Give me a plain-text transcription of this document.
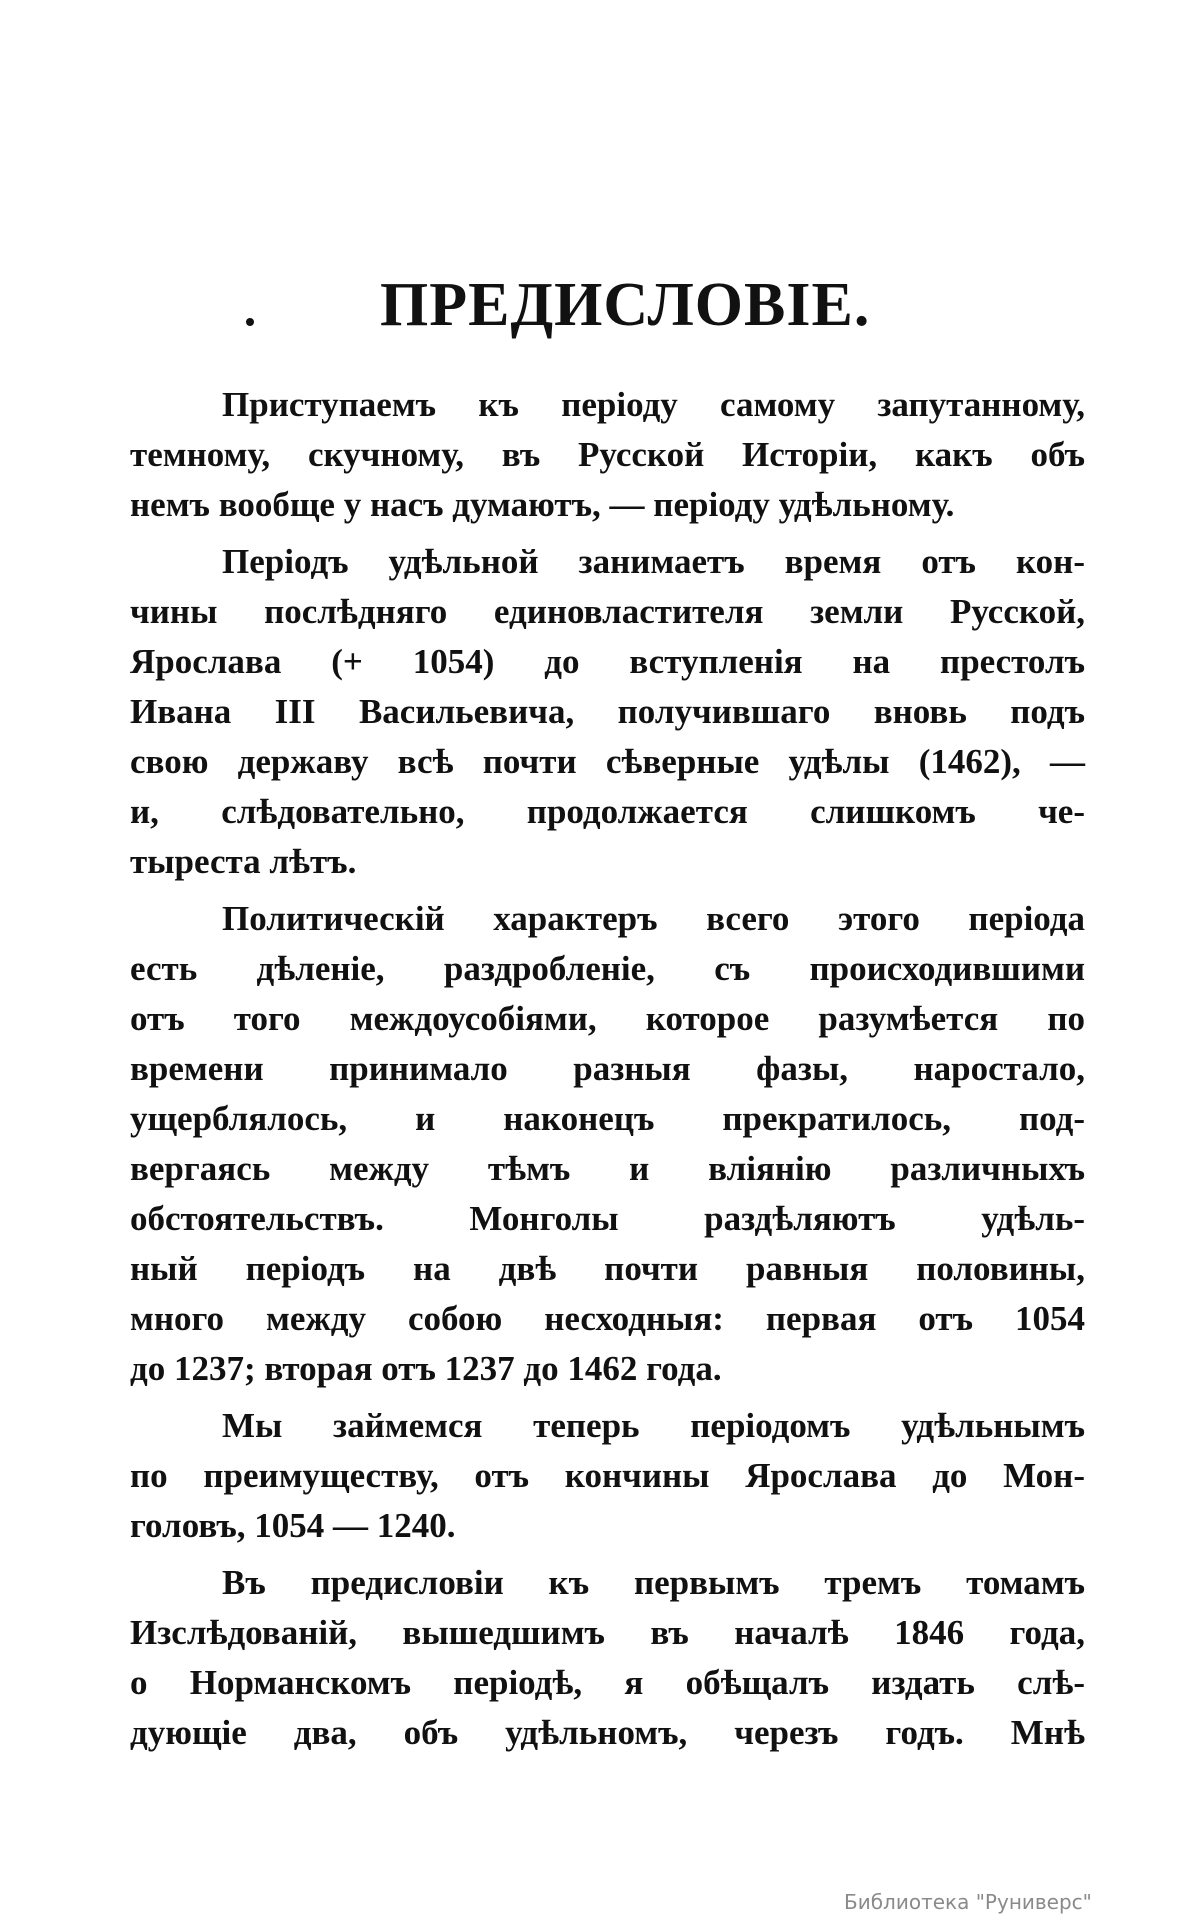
ПРЕДИСЛОВІЕ.

Приступаемъ къ періоду самому запутанному,
темному, скучному, въ Русской Исторіи, какъ объ
немъ вообще у насъ думаютъ, — періоду удѣльному.

Періодъ удѣльной занимаетъ время отъ кон-
чины послѣдняго единовластителя земли Русской,
Ярослава (+ 1054) до вступленія на престолъ
Ивана III Васильевича, получившаго вновь подъ
свою державу всѣ почти сѣверные удѣлы (1462), —
и, слѣдовательно, продолжается слишкомъ че-
тыреста лѣтъ.

Политическій характеръ всего этого періода
есть дѣленіе, раздробленіе, съ происходившими
отъ того междоусобіями, которое разумѣется по
времени принимало разныя фазы, наростало,
ущерблялось, и наконецъ прекратилось, под-
вергаясь между тѣмъ и вліянію различныхъ
обстоятельствъ. Монголы раздѣляютъ удѣль-
ный періодъ на двѣ почти равныя половины,
много между собою несходныя: первая отъ 1054
до 1237; вторая отъ 1237 до 1462 года.

Мы займемся теперь періодомъ удѣльнымъ
по преимуществу, отъ кончины Ярослава до Мон-
головъ, 1054 — 1240.

Въ предисловіи къ первымъ тремъ томамъ
Изслѣдованій, вышедшимъ въ началѣ 1846 года,
о Норманскомъ періодѣ, я обѣщалъ издать слѣ-
дующіе два, объ удѣльномъ, черезъ годъ. Мнѣ

Библиотека "Руниверс"
